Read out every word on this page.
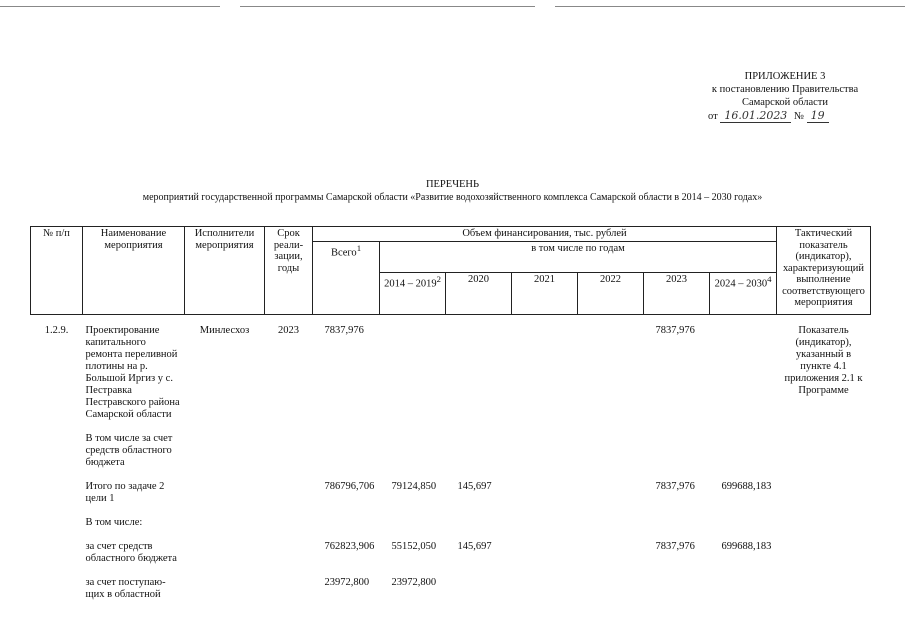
ПРИЛОЖЕНИЕ 3
к постановлению Правительства
Самарской области
от 16.01.2023 № 19
ПЕРЕЧЕНЬ
мероприятий государственной программы Самарской области «Развитие водохозяйственного комплекса Самарской области в 2014 – 2030 годах»
№ п/п	Наименование мероприятия	Исполнители мероприятия	Срок реали-зации, годы	Объем финансирования, тыс. рублей							Тактический показатель (индикатор), характеризующий выполнение соответствующего мероприятия
				Всего$^1$	в том числе по годам						
					2014 – 2019$^2$	2020	2021	2022	2023	2024 – 2030$^4$

1.2.9.	Проектирование капитального ремонта переливной плотины на р. Большой Иргиз у с. Пестравка Пестравского района Самарской области	Минлесхоз	2023	7837,976					7837,976		Показатель (индикатор), указанный в пункте 4.1 приложения 2.1 к Программе
	В том числе за счет средств областного бюджета										
	Итого по задаче 2 цели 1			786796,706	79124,850	145,697			7837,976	699688,183	
	В том числе:										
	за счет средств областного бюджета			762823,906	55152,050	145,697			7837,976	699688,183	
	за счет поступаю-щих в областной			23972,800	23972,800						
